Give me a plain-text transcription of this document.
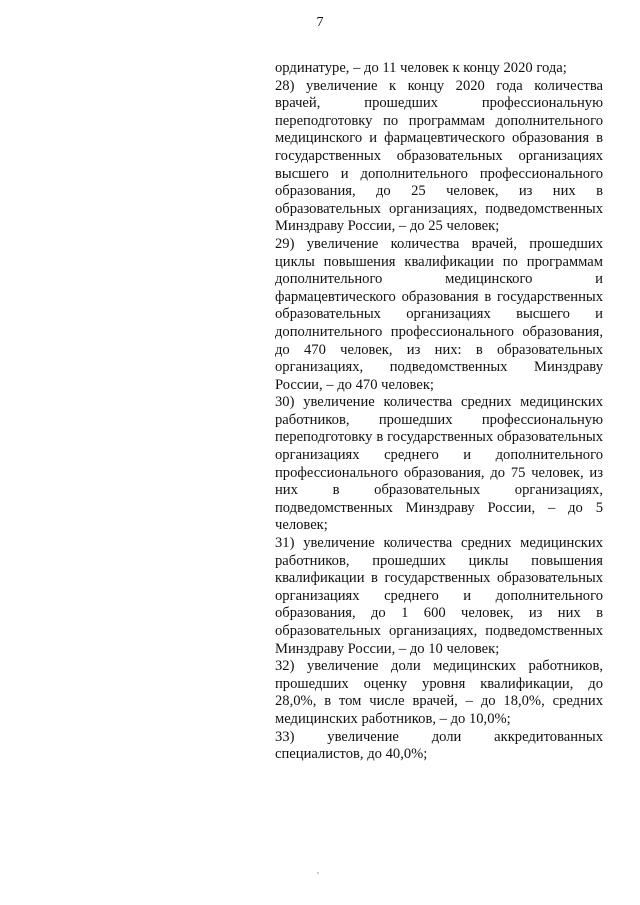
7

ординатуре, – до 11 человек к концу 2020 года;

28) увеличение к концу 2020 года количества врачей, прошедших профессиональную переподготовку по программам дополнительного медицинского и фармацевтического образования в государственных образовательных организациях высшего и дополнительного профессионального образования, до 25 человек, из них в образовательных организациях, подведомственных Минздраву России, – до 25 человек;

29) увеличение количества врачей, прошедших циклы повышения квалификации по программам дополнительного медицинского и фармацевтического образования в государственных образовательных организациях высшего и дополнительного профессионального образования, до 470 человек, из них: в образовательных организациях, подведомственных Минздраву России, – до 470 человек;

30) увеличение количества средних медицинских работников, прошедших профессиональную переподготовку в государственных образовательных организациях среднего и дополнительного профессионального образования, до 75 человек, из них в образовательных организациях, подведомственных Минздраву России, – до 5 человек;

31) увеличение количества средних медицинских работников, прошедших циклы повышения квалификации в государственных образовательных организациях среднего и дополнительного образования, до 1 600 человек, из них в образовательных организациях, подведомственных Минздраву России, – до 10 человек;

32) увеличение доли медицинских работников, прошедших оценку уровня квалификации, до 28,0%, в том числе врачей, – до 18,0%, средних медицинских работников, – до 10,0%;

33) увеличение доли аккредитованных специалистов, до 40,0%;
